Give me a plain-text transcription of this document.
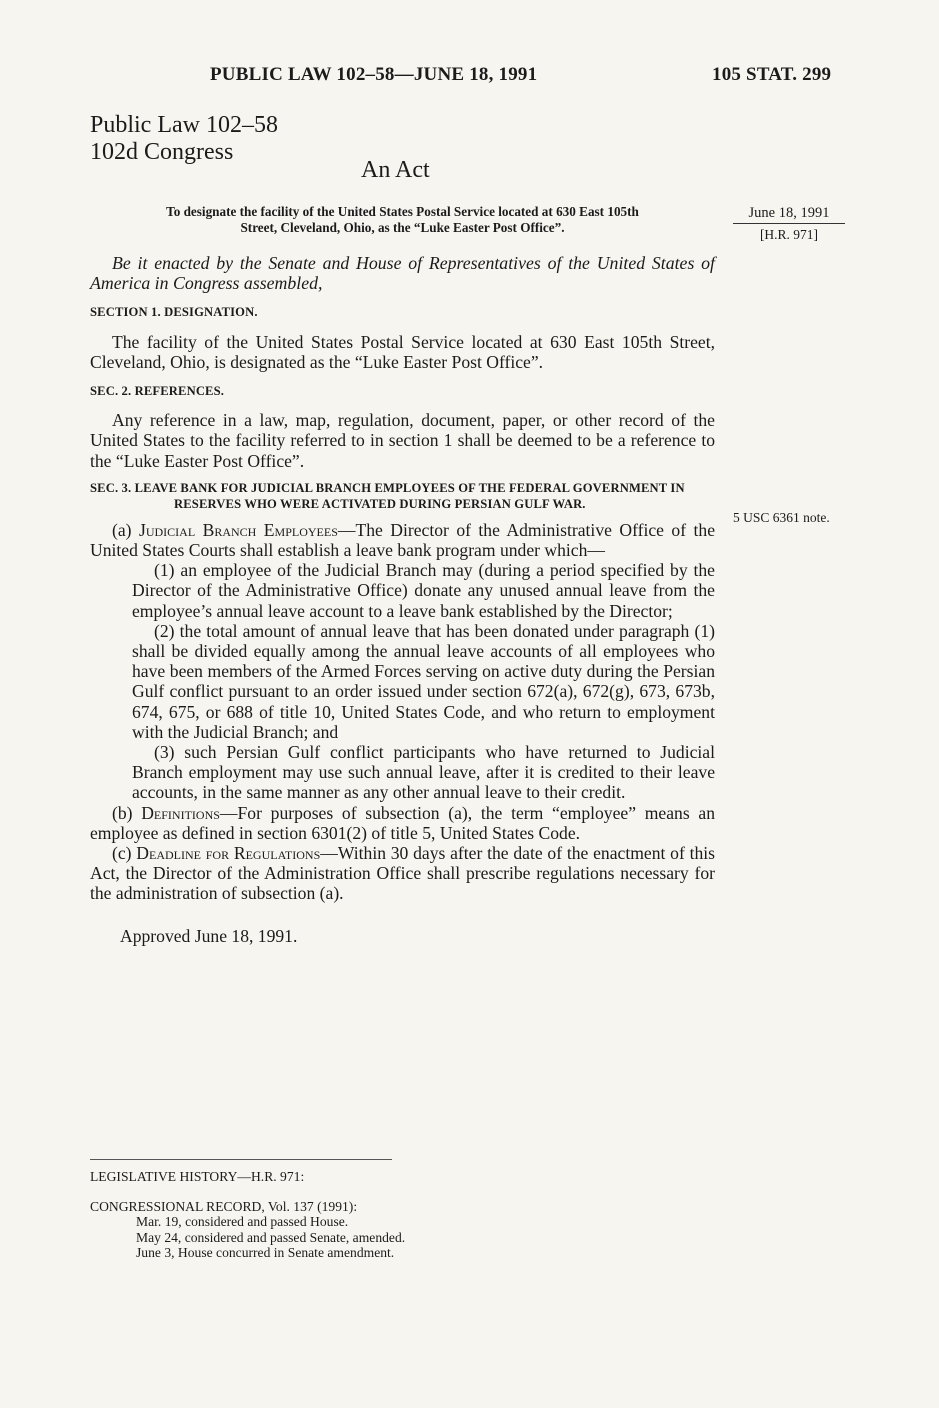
PUBLIC LAW 102–58—JUNE 18, 1991	105 STAT. 299
Public Law 102–58
102d Congress
An Act
To designate the facility of the United States Postal Service located at 630 East 105th
Street, Cleveland, Ohio, as the “Luke Easter Post Office”.
June 18, 1991
[H.R. 971]
5 USC 6361 note.

Be it enacted by the Senate and House of Representatives of the United States of America in Congress assembled,

SECTION 1. DESIGNATION.

The facility of the United States Postal Service located at 630 East 105th Street, Cleveland, Ohio, is designated as the “Luke Easter Post Office”.

SEC. 2. REFERENCES.

Any reference in a law, map, regulation, document, paper, or other record of the United States to the facility referred to in section 1 shall be deemed to be a reference to the “Luke Easter Post Office”.

SEC. 3. LEAVE BANK FOR JUDICIAL BRANCH EMPLOYEES OF THE FEDERAL GOVERNMENT IN RESERVES WHO WERE ACTIVATED DURING PERSIAN GULF WAR.

(a) Judicial Branch Employees—The Director of the Administrative Office of the United States Courts shall establish a leave bank program under which—

(1) an employee of the Judicial Branch may (during a period specified by the Director of the Administrative Office) donate any unused annual leave from the employee’s annual leave account to a leave bank established by the Director;

(2) the total amount of annual leave that has been donated under paragraph (1) shall be divided equally among the annual leave accounts of all employees who have been members of the Armed Forces serving on active duty during the Persian Gulf conflict pursuant to an order issued under section 672(a), 672(g), 673, 673b, 674, 675, or 688 of title 10, United States Code, and who return to employment with the Judicial Branch; and

(3) such Persian Gulf conflict participants who have returned to Judicial Branch employment may use such annual leave, after it is credited to their leave accounts, in the same manner as any other annual leave to their credit.

(b) Definitions—For purposes of subsection (a), the term “employee” means an employee as defined in section 6301(2) of title 5, United States Code.

(c) Deadline for Regulations—Within 30 days after the date of the enactment of this Act, the Director of the Administration Office shall prescribe regulations necessary for the administration of subsection (a).

Approved June 18, 1991.

LEGISLATIVE HISTORY—H.R. 971:
CONGRESSIONAL RECORD, Vol. 137 (1991):
Mar. 19, considered and passed House.
May 24, considered and passed Senate, amended.
June 3, House concurred in Senate amendment.
